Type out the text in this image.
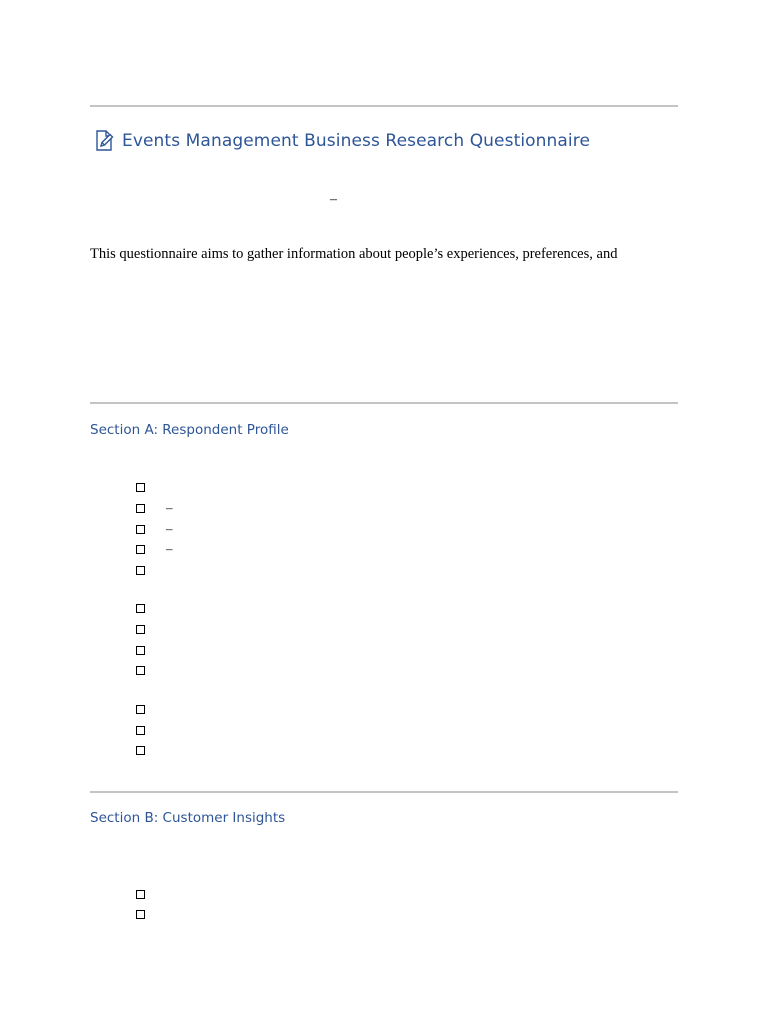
Events Management Business Research Questionnaire
–
This questionnaire aims to gather information about people’s experiences, preferences, and
Section A: Respondent Profile
–
–
–
Section B: Customer Insights
